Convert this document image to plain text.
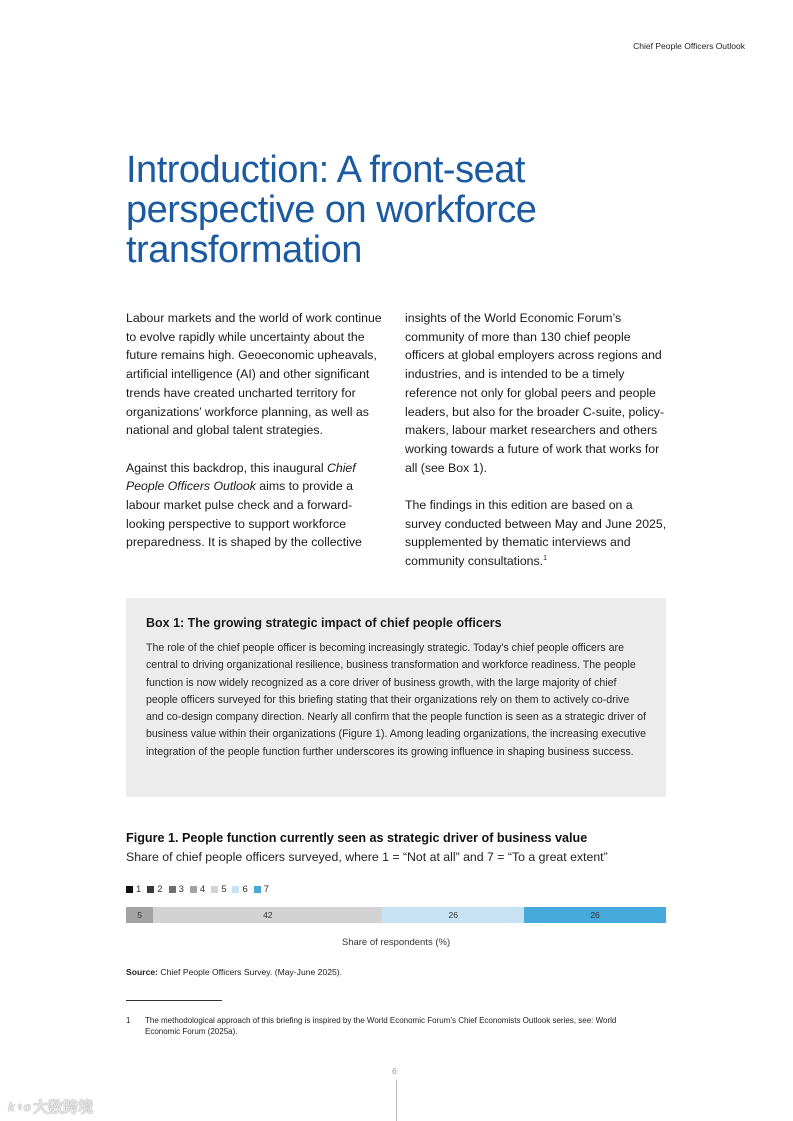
Chief People Officers Outlook
Introduction: A front-seat
perspective on workforce
transformation

Labour markets and the world of work continue to evolve rapidly while uncertainty about the future remains high. Geoeconomic upheavals, artificial intelligence (AI) and other significant trends have created uncharted territory for organizations’ workforce planning, as well as national and global talent strategies.

Against this backdrop, this inaugural Chief People Officers Outlook aims to provide a labour market pulse check and a forward-looking perspective to support workforce preparedness. It is shaped by the collective

insights of the World Economic Forum’s community of more than 130 chief people officers at global employers across regions and industries, and is intended to be a timely reference not only for global peers and people leaders, but also for the broader C-suite, policy-makers, labour market researchers and others working towards a future of work that works for all (see Box 1).

The findings in this edition are based on a survey conducted between May and June 2025, supplemented by thematic interviews and community consultations.$^1$

Box 1: The growing strategic impact of chief people officers

The role of the chief people officer is becoming increasingly strategic. Today’s chief people officers are central to driving organizational resilience, business transformation and workforce readiness. The people function is now widely recognized as a core driver of business growth, with the large majority of chief people officers surveyed for this briefing stating that their organizations rely on them to actively co-drive and co-design company direction. Nearly all confirm that the people function is seen as a strategic driver of business value within their organizations (Figure 1). Among leading organizations, the increasing executive integration of the people function further underscores its growing influence in shaping business success.

Figure 1. People function currently seen as strategic driver of business value
Share of chief people officers surveyed, where 1 = “Not at all” and 7 = “To a great extent”
1 2 3 4 5 6 7
5	42	26	26
Share of respondents (%)
Source: Chief People Officers Survey. (May-June 2025).
1	The methodological approach of this briefing is inspired by the World Economic Forum’s Chief Economists Outlook series, see: World Economic Forum (2025a).
6
k♀o 大数跨境
